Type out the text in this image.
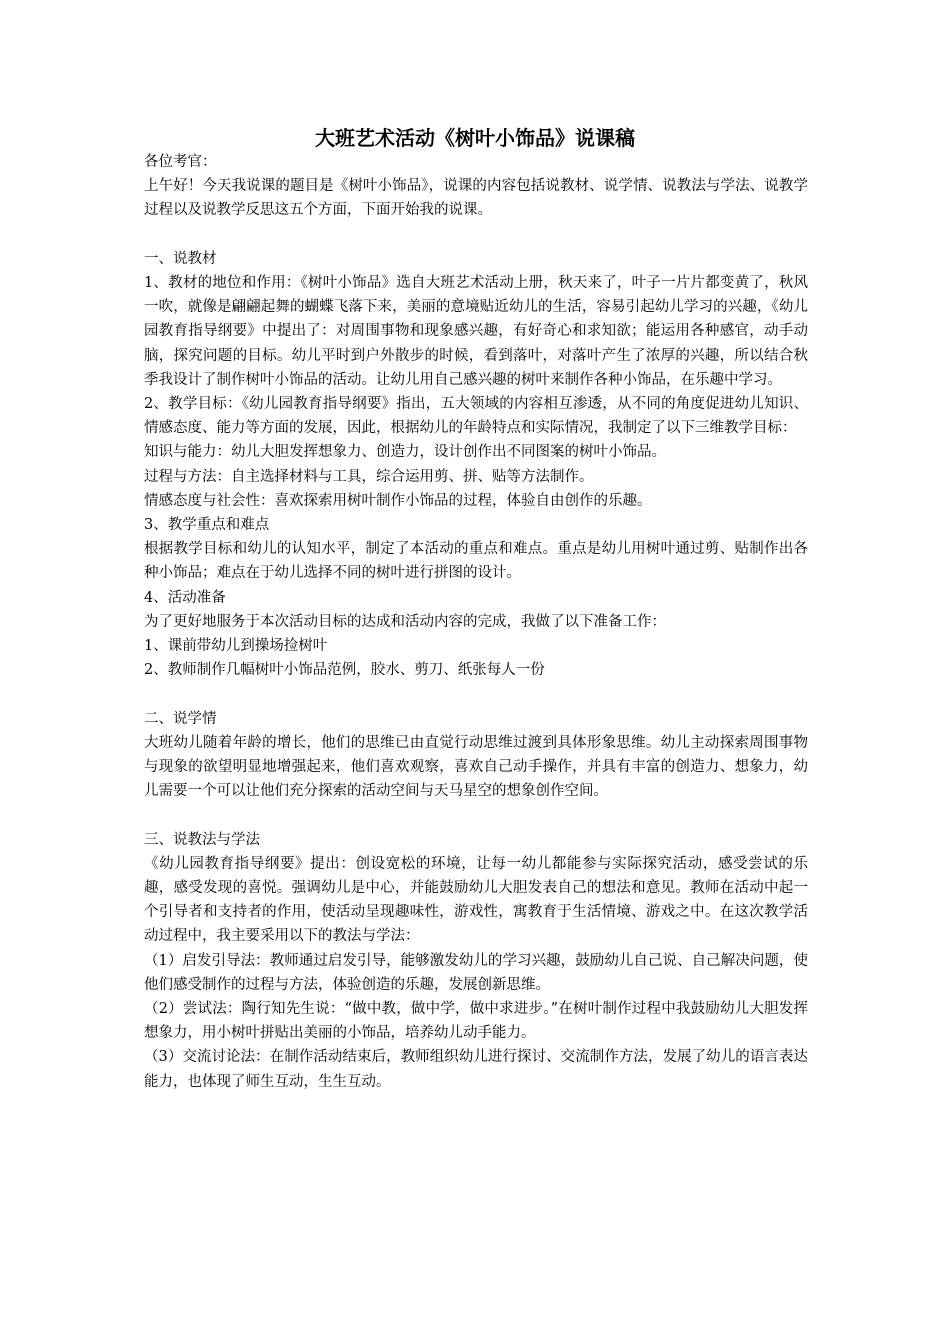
大班艺术活动《树叶小饰品》说课稿

各位考官：

上午好！今天我说课的题目是《树叶小饰品》，说课的内容包括说教材、说学情、说教法与学法、说教学过程以及说教学反思这五个方面，下面开始我的说课。

一、说教材

1、教材的地位和作用：《树叶小饰品》选自大班艺术活动上册，秋天来了，叶子一片片都变黄了，秋风一吹，就像是翩翩起舞的蝴蝶飞落下来，美丽的意境贴近幼儿的生活，容易引起幼儿学习的兴趣，《幼儿园教育指导纲要》中提出了：对周围事物和现象感兴趣，有好奇心和求知欲；能运用各种感官，动手动脑，探究问题的目标。幼儿平时到户外散步的时候，看到落叶，对落叶产生了浓厚的兴趣，所以结合秋季我设计了制作树叶小饰品的活动。让幼儿用自己感兴趣的树叶来制作各种小饰品，在乐趣中学习。

2、教学目标：《幼儿园教育指导纲要》指出，五大领域的内容相互渗透，从不同的角度促进幼儿知识、情感态度、能力等方面的发展，因此，根据幼儿的年龄特点和实际情况，我制定了以下三维教学目标：

知识与能力：幼儿大胆发挥想象力、创造力，设计创作出不同图案的树叶小饰品。

过程与方法：自主选择材料与工具，综合运用剪、拼、贴等方法制作。

情感态度与社会性：喜欢探索用树叶制作小饰品的过程，体验自由创作的乐趣。

3、教学重点和难点

根据教学目标和幼儿的认知水平，制定了本活动的重点和难点。重点是幼儿用树叶通过剪、贴制作出各种小饰品；难点在于幼儿选择不同的树叶进行拼图的设计。

4、活动准备

为了更好地服务于本次活动目标的达成和活动内容的完成，我做了以下准备工作：

1、课前带幼儿到操场捡树叶

2、教师制作几幅树叶小饰品范例，胶水、剪刀、纸张每人一份

二、说学情

大班幼儿随着年龄的增长，他们的思维已由直觉行动思维过渡到具体形象思维。幼儿主动探索周围事物与现象的欲望明显地增强起来，他们喜欢观察，喜欢自己动手操作，并具有丰富的创造力、想象力，幼儿需要一个可以让他们充分探索的活动空间与天马星空的想象创作空间。

三、说教法与学法

《幼儿园教育指导纲要》提出：创设宽松的环境，让每一幼儿都能参与实际探究活动，感受尝试的乐趣，感受发现的喜悦。强调幼儿是中心，并能鼓励幼儿大胆发表自己的想法和意见。教师在活动中起一个引导者和支持者的作用，使活动呈现趣味性，游戏性，寓教育于生活情境、游戏之中。在这次教学活动过程中，我主要采用以下的教法与学法：

（1）启发引导法：教师通过启发引导，能够激发幼儿的学习兴趣，鼓励幼儿自己说、自己解决问题，使他们感受制作的过程与方法，体验创造的乐趣，发展创新思维。

（2）尝试法：陶行知先生说：“做中教，做中学，做中求进步。”在树叶制作过程中我鼓励幼儿大胆发挥想象力，用小树叶拼贴出美丽的小饰品，培养幼儿动手能力。

（3）交流讨论法：在制作活动结束后，教师组织幼儿进行探讨、交流制作方法，发展了幼儿的语言表达能力，也体现了师生互动，生生互动。
